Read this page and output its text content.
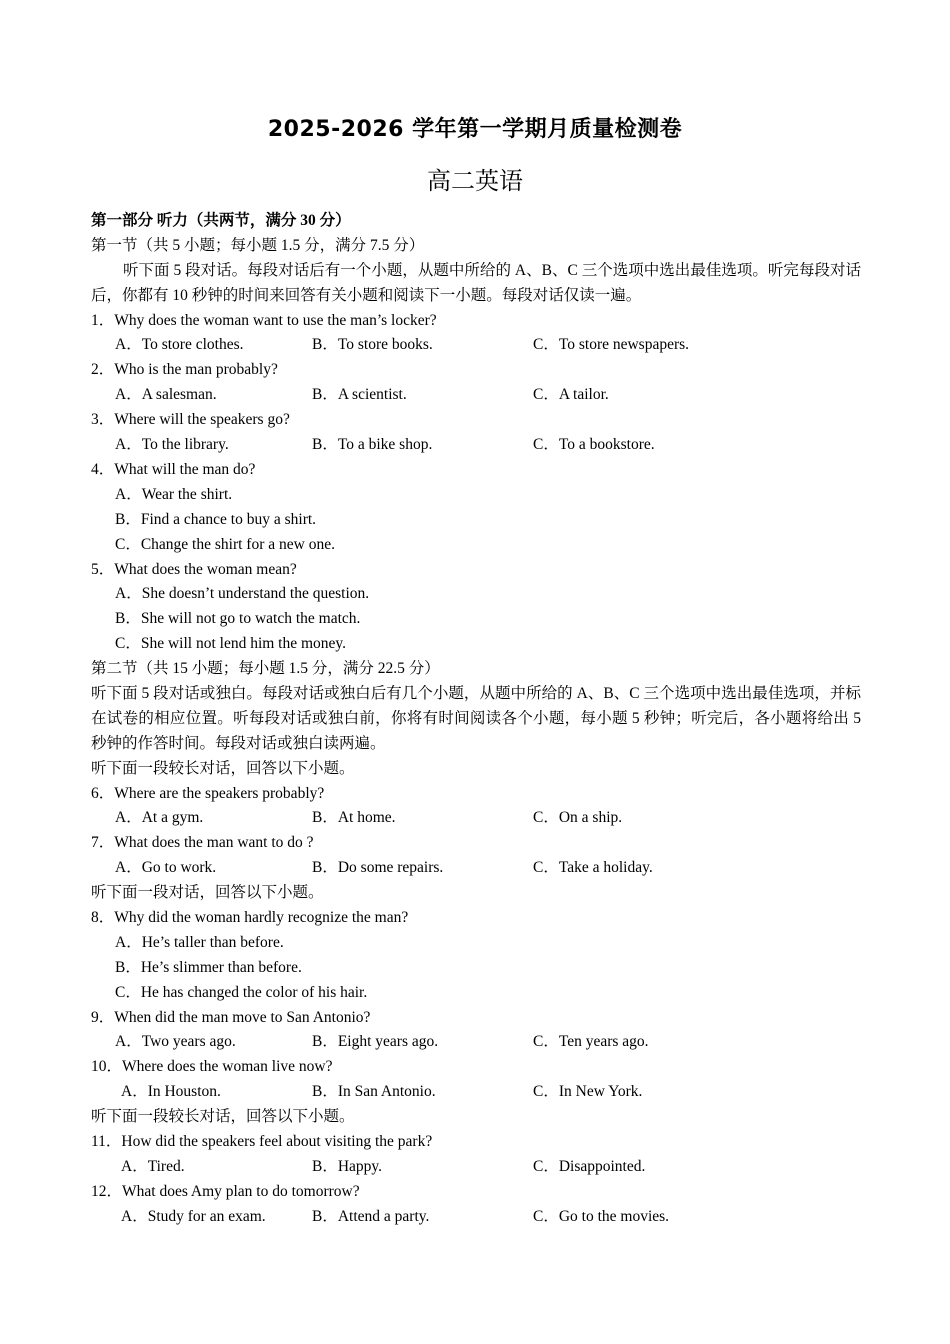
2025-2026 学年第一学期月质量检测卷
高二英语
第一部分 听力（共两节，满分 30 分）
第一节（共 5 小题；每小题 1.5 分，满分 7.5 分）
听下面 5 段对话。每段对话后有一个小题，从题中所给的 A、B、C 三个选项中选出最佳选项。听完每段对话后，你都有 10 秒钟的时间来回答有关小题和阅读下一小题。每段对话仅读一遍。
1．Why does the woman want to use the man’s locker?
A．To store clothes.	B．To store books.	C．To store newspapers.
2．Who is the man probably?
A．A salesman.	B．A scientist.	C．A tailor.
3．Where will the speakers go?
A．To the library.	B．To a bike shop.	C．To a bookstore.
4．What will the man do?
A．Wear the shirt.
B．Find a chance to buy a shirt.
C．Change the shirt for a new one.
5．What does the woman mean?
A．She doesn’t understand the question.
B．She will not go to watch the match.
C．She will not lend him the money.
第二节（共 15 小题；每小题 1.5 分，满分 22.5 分）
听下面 5 段对话或独白。每段对话或独白后有几个小题，从题中所给的 A、B、C 三个选项中选出最佳选项，并标在试卷的相应位置。听每段对话或独白前，你将有时间阅读各个小题，每小题 5 秒钟；听完后，各小题将给出 5 秒钟的作答时间。每段对话或独白读两遍。
听下面一段较长对话，回答以下小题。
6．Where are the speakers probably?
A．At a gym.	B．At home.	C．On a ship.
7．What does the man want to do ?
A．Go to work.	B．Do some repairs.	C．Take a holiday.
听下面一段对话，回答以下小题。
8．Why did the woman hardly recognize the man?
A．He’s taller than before.
B．He’s slimmer than before.
C．He has changed the color of his hair.
9．When did the man move to San Antonio?
A．Two years ago.	B．Eight years ago.	C．Ten years ago.
10．Where does the woman live now?
A．In Houston.	B．In San Antonio.	C．In New York.
听下面一段较长对话，回答以下小题。
11．How did the speakers feel about visiting the park?
A．Tired.	B．Happy.	C．Disappointed.
12．What does Amy plan to do tomorrow?
A．Study for an exam.	B．Attend a party.	C．Go to the movies.
